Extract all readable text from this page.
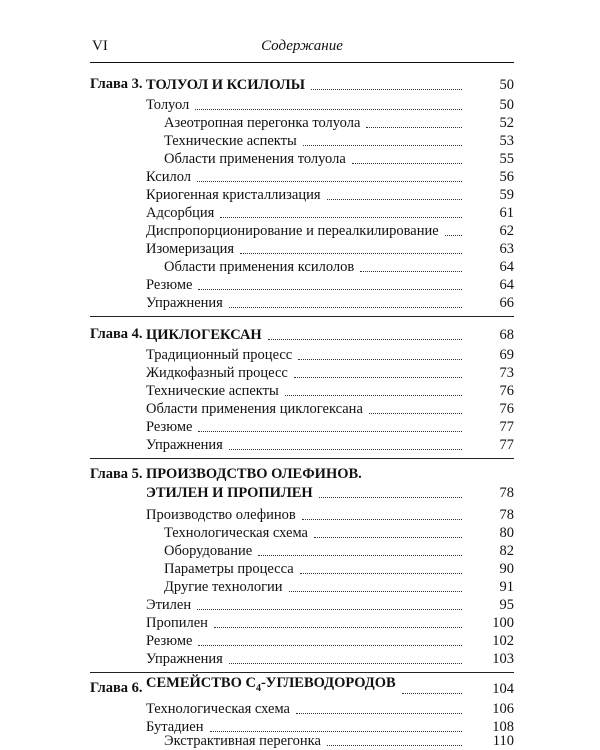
VI	Содержание
Глава 3. ТОЛУОЛ И КСИЛОЛЫ	50
Толуол	50
Азеотропная перегонка толуола	52
Технические аспекты	53
Области применения толуола	55
Ксилол	56
Криогенная кристаллизация	59
Адсорбция	61
Диспропорционирование и переалкилирование	62
Изомеризация	63
Области применения ксилолов	64
Резюме	64
Упражнения	66
Глава 4. ЦИКЛОГЕКСАН	68
Традиционный процесс	69
Жидкофазный процесс	73
Технические аспекты	76
Области применения циклогексана	76
Резюме	77
Упражнения	77
Глава 5. ПРОИЗВОДСТВО ОЛЕФИНОВ.
ЭТИЛЕН И ПРОПИЛЕН	78
Производство олефинов	78
Технологическая схема	80
Оборудование	82
Параметры процесса	90
Другие технологии	91
Этилен	95
Пропилен	100
Резюме	102
Упражнения	103
Глава 6. СЕМЕЙСТВО $С_4$-УГЛЕВОДОРОДОВ	104
Технологическая схема	106
Бутадиен	108
Экстрактивная перегонка	110
